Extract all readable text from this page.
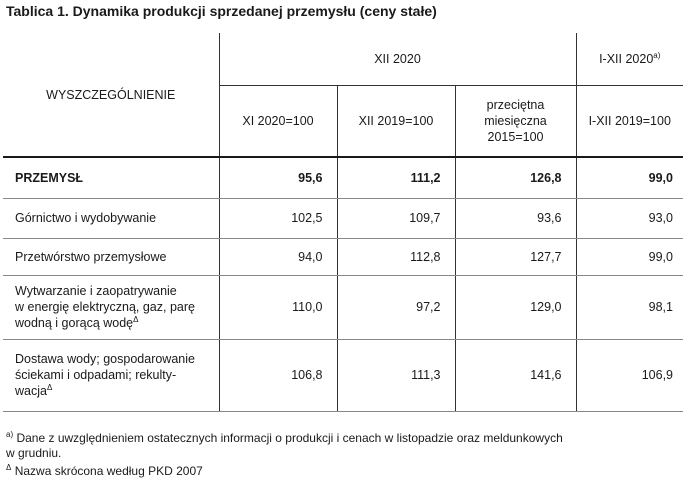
Tablica 1. Dynamika produkcji sprzedanej przemysłu (ceny stałe)
WYSZCZEGÓLNIENIE	XII 2020			I-XII 2020$^{a)}$
	XI 2020=100	XII 2019=100	przeciętna
miesięczna
2015=100	I-XII 2019=100
PRZEMYSŁ	95,6	111,2	126,8	99,0
Górnictwo i wydobywanie	102,5	109,7	93,6	93,0
Przetwórstwo przemysłowe	94,0	112,8	127,7	99,0

Wytwarzanie i zaopatrywanie
w energię elektryczną, gaz, parę
wodną i gorącą wodę$^\Delta$	110,0	97,2	129,0	98,1

Dostawa wody; gospodarowanie
ściekami i odpadami; rekulty-
wacja$^\Delta$	106,8	111,3	141,6	106,9
$^{a)}$ Dane z uwzględnieniem ostatecznych informacji o produkcji i cenach w listopadzie oraz meldunkowych
w grudniu.
$^\Delta$ Nazwa skrócona według PKD 2007
